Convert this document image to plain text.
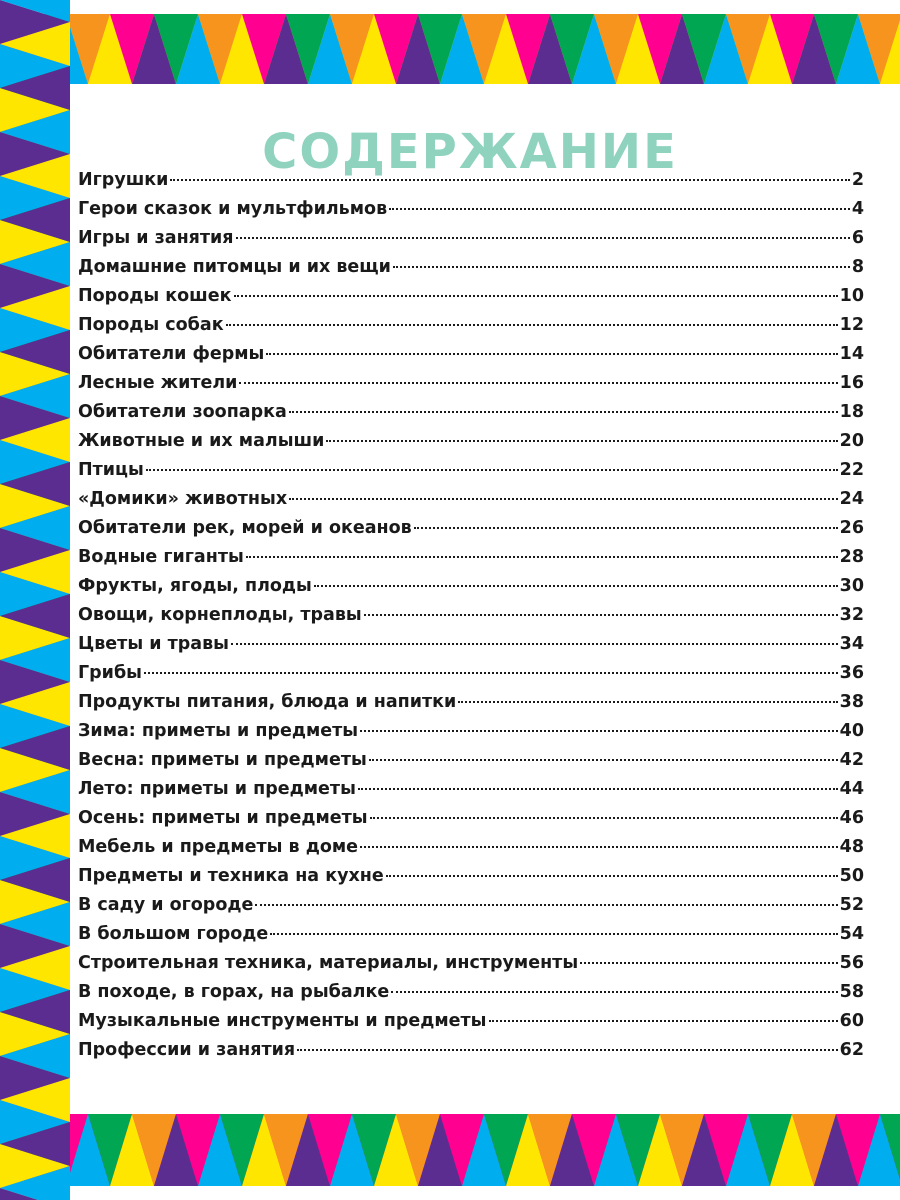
СОДЕРЖАНИЕ
Игрушки	2
Герои сказок и мультфильмов	4
Игры и занятия	6
Домашние питомцы и их вещи	8
Породы кошек	10
Породы собак	12
Обитатели фермы	14
Лесные жители	16
Обитатели зоопарка	18
Животные и их малыши	20
Птицы	22
«Домики» животных	24
Обитатели рек, морей и океанов	26
Водные гиганты	28
Фрукты, ягоды, плоды	30
Овощи, корнеплоды, травы	32
Цветы и травы	34
Грибы	36
Продукты питания, блюда и напитки	38
Зима: приметы и предметы	40
Весна: приметы и предметы	42
Лето: приметы и предметы	44
Осень: приметы и предметы	46
Мебель и предметы в доме	48
Предметы и техника на кухне	50
В саду и огороде	52
В большом городе	54
Строительная техника, материалы, инструменты	56
В походе, в горах, на рыбалке	58
Музыкальные инструменты и предметы	60
Профессии и занятия	62
